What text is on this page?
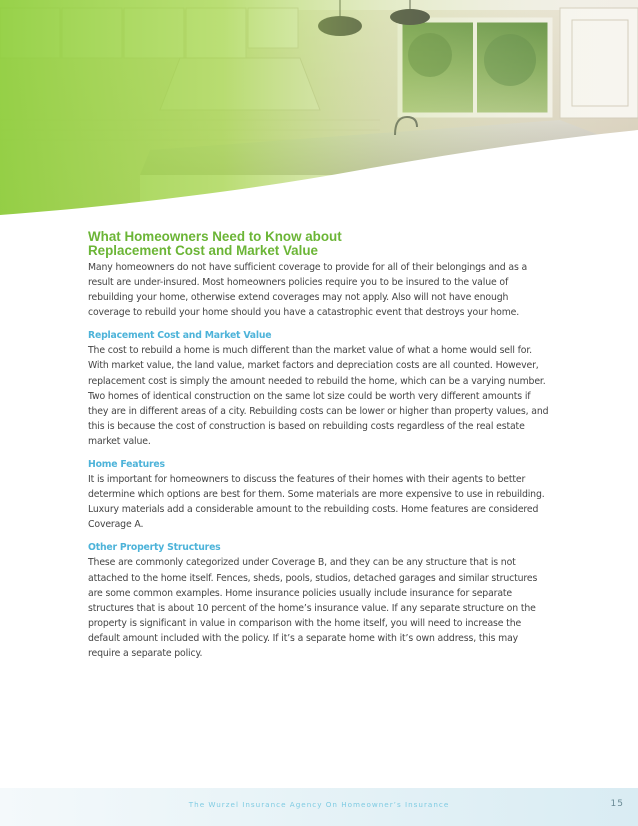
What Homeowners Need to Know about
Replacement Cost and Market Value

Many homeowners do not have sufficient coverage to provide for all of their belongings and as a result are under-insured. Most homeowners policies require you to be insured to the value of rebuilding your home, otherwise extend coverages may not apply. Also will not have enough coverage to rebuild your home should you have a catastrophic event that destroys your home.

Replacement Cost and Market Value

The cost to rebuild a home is much different than the market value of what a home would sell for. With market value, the land value, market factors and depreciation costs are all counted. However, replacement cost is simply the amount needed to rebuild the home, which can be a varying number. Two homes of identical construction on the same lot size could be worth very different amounts if they are in different areas of a city. Rebuilding costs can be lower or higher than property values, and this is because the cost of construction is based on rebuilding costs regardless of the real estate market value.

Home Features

It is important for homeowners to discuss the features of their homes with their agents to better determine which options are best for them. Some materials are more expensive to use in rebuilding. Luxury materials add a considerable amount to the rebuilding costs. Home features are considered Coverage A.

Other Property Structures

These are commonly categorized under Coverage B, and they can be any structure that is not attached to the home itself. Fences, sheds, pools, studios, detached garages and similar structures are some common examples. Home insurance policies usually include insurance for separate structures that is about 10 percent of the home’s insurance value. If any separate structure on the property is significant in value in comparison with the home itself, you will need to increase the default amount included with the policy. If it’s a separate home with it’s own address, this may require a separate policy.

The Wurzel Insurance Agency On Homeowner’s Insurance	15
